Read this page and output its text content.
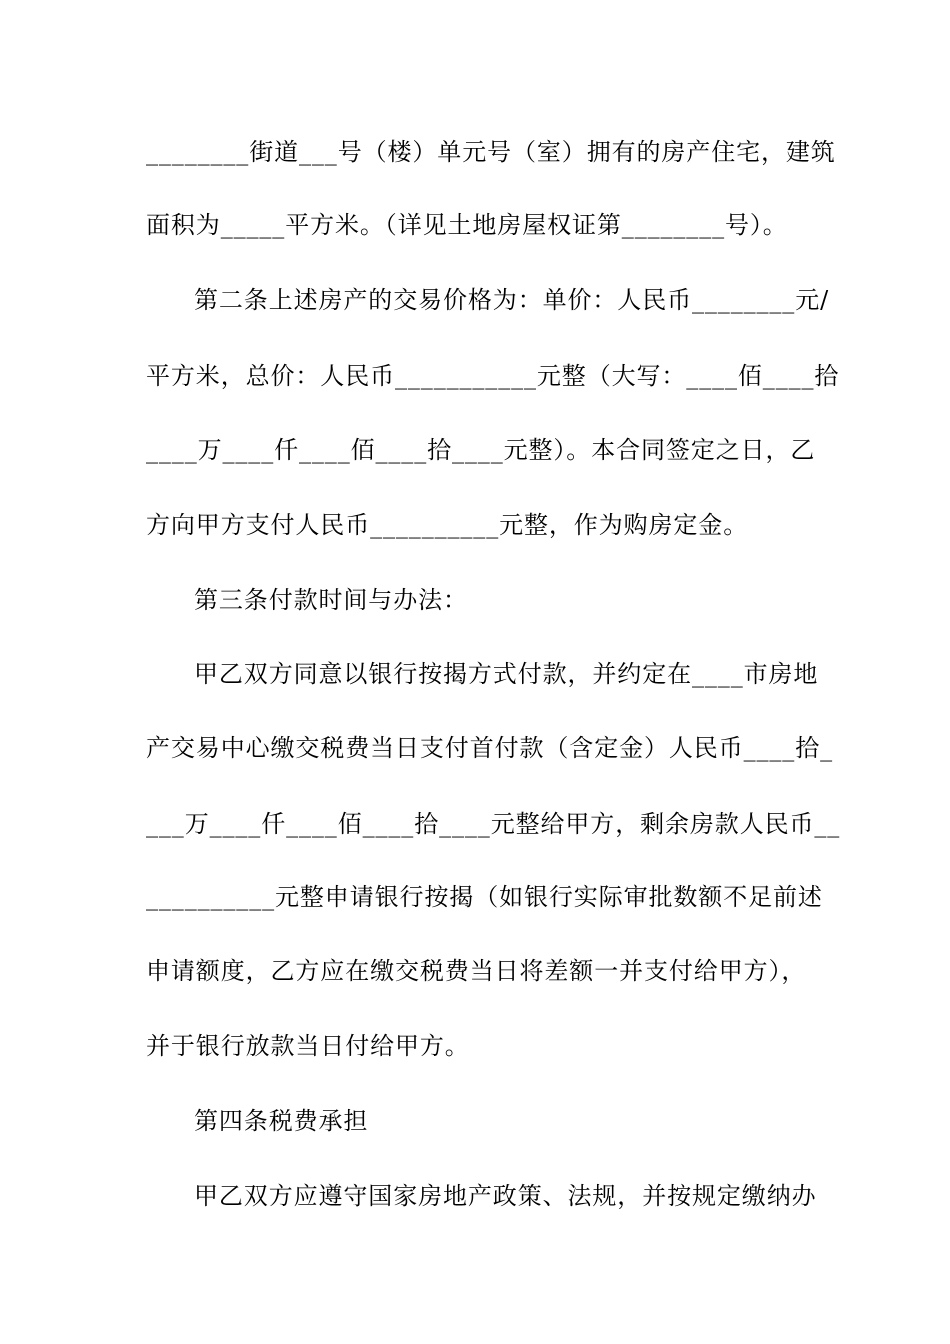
________街道___号（楼）单元号（室）拥有的房产住宅，建筑
面积为_____平方米。（详见土地房屋权证第________号）。
第二条上述房产的交易价格为：单价：人民币________元/
平方米，总价：人民币___________元整（大写：____佰____拾
____万____仟____佰____拾____元整）。本合同签定之日，乙
方向甲方支付人民币__________元整，作为购房定金。
第三条付款时间与办法：
甲乙双方同意以银行按揭方式付款，并约定在____市房地
产交易中心缴交税费当日支付首付款（含定金）人民币____拾_
___万____仟____佰____拾____元整给甲方，剩余房款人民币__
__________元整申请银行按揭（如银行实际审批数额不足前述
申请额度，乙方应在缴交税费当日将差额一并支付给甲方），
并于银行放款当日付给甲方。
第四条税费承担
甲乙双方应遵守国家房地产政策、法规，并按规定缴纳办
